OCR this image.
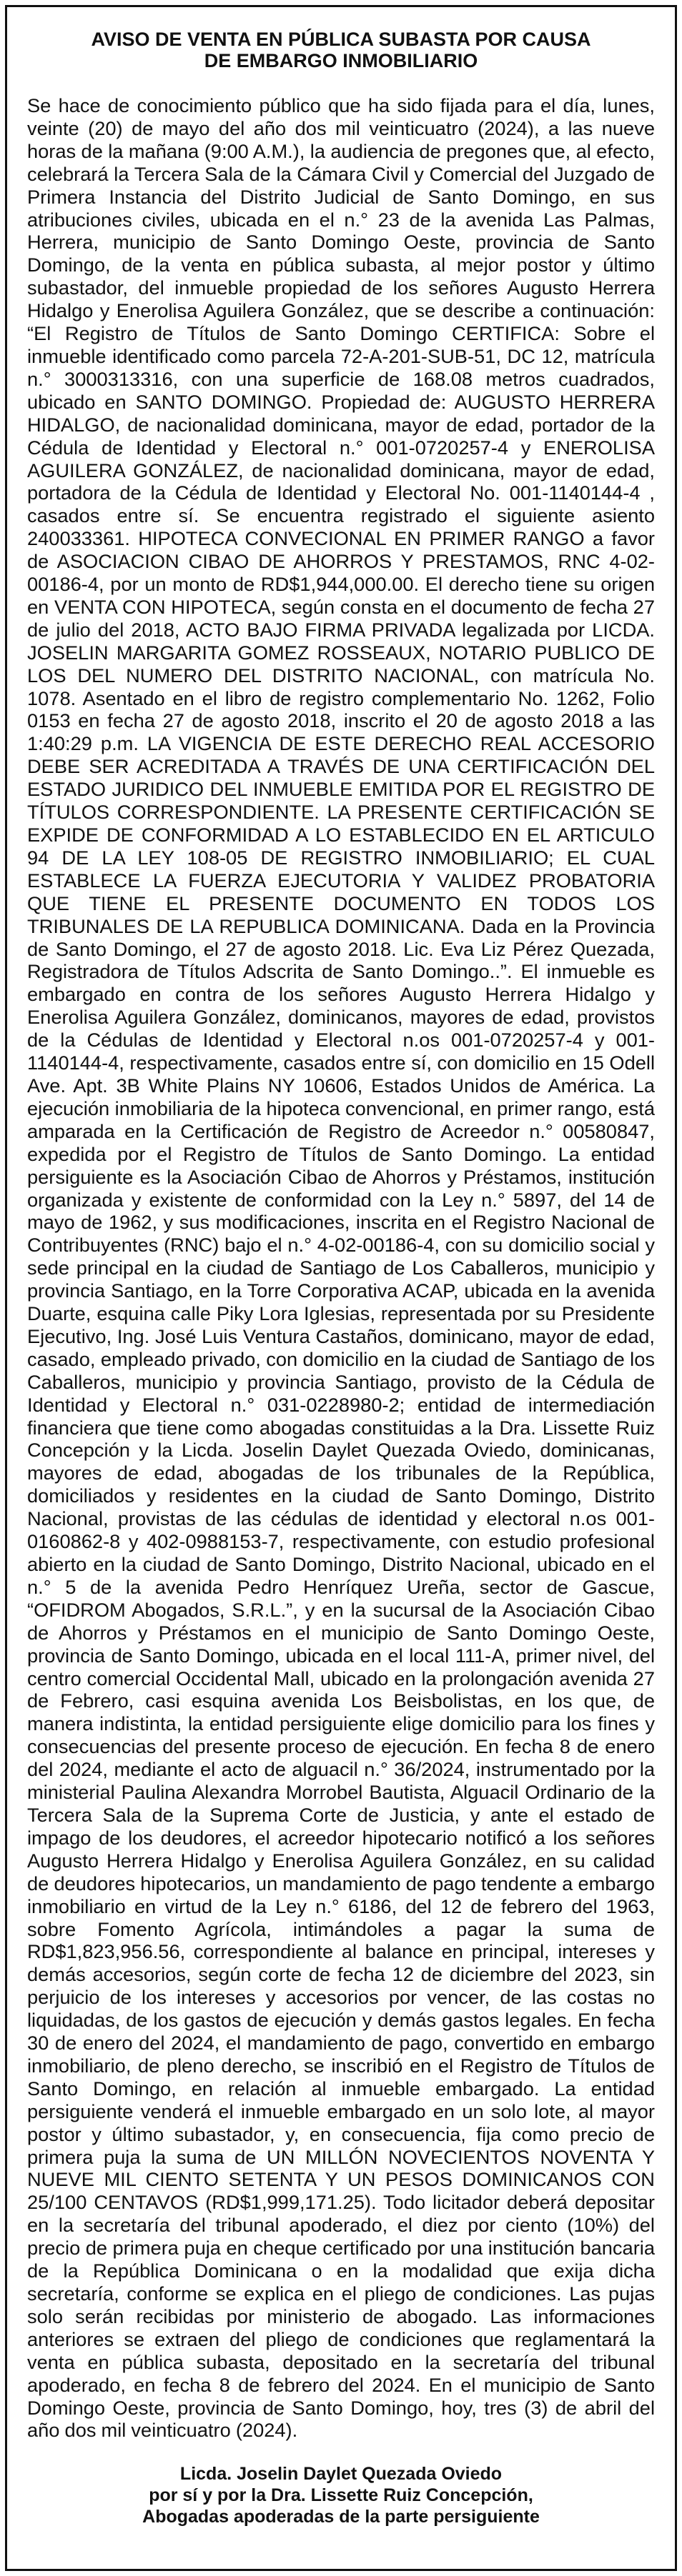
AVISO DE VENTA EN PÚBLICA SUBASTA POR CAUSA
DE EMBARGO INMOBILIARIO

Se hace de conocimiento público que ha sido fijada para el día, lunes, veinte (20) de mayo del año dos mil veinticuatro (2024), a las nueve horas de la mañana (9:00 A.M.), la audiencia de pregones que, al efecto, celebrará la Tercera Sala de la Cámara Civil y Comercial del Juzgado de Primera Instancia del Distrito Judicial de Santo Domingo, en sus atribuciones civiles, ubicada en el n.° 23 de la avenida Las Palmas, Herrera, municipio de Santo Domingo Oeste, provincia de Santo Domingo, de la venta en pública subasta, al mejor postor y último subastador, del inmueble propiedad de los señores Augusto Herrera Hidalgo y Enerolisa Aguilera González, que se describe a continuación: “El Registro de Títulos de Santo Domingo CERTIFICA: Sobre el inmueble identificado como parcela 72-A-201-SUB-51, DC 12, matrícula n.° 3000313316, con una superficie de 168.08 metros cuadrados, ubicado en SANTO DOMINGO. Propiedad de: AUGUSTO HERRERA HIDALGO, de nacionalidad dominicana, mayor de edad, portador de la Cédula de Identidad y Electoral n.° 001-0720257-4 y ENEROLISA AGUILERA GONZÁLEZ, de nacionalidad dominicana, mayor de edad, portadora de la Cédula de Identidad y Electoral No. 001-1140144-4 , casados entre sí. Se encuentra registrado el siguiente asiento 240033361. HIPOTECA CONVECIONAL EN PRIMER RANGO a favor de ASOCIACION CIBAO DE AHORROS Y PRESTAMOS, RNC 4-02-00186-4, por un monto de RD$1,944,000.00. El derecho tiene su origen en VENTA CON HIPOTECA, según consta en el documento de fecha 27 de julio del 2018, ACTO BAJO FIRMA PRIVADA legalizada por LICDA. JOSELIN MARGARITA GOMEZ ROSSEAUX, NOTARIO PUBLICO DE LOS DEL NUMERO DEL DISTRITO NACIONAL, con matrícula No. 1078. Asentado en el libro de registro complementario No. 1262, Folio 0153 en fecha 27 de agosto 2018, inscrito el 20 de agosto 2018 a las 1:40:29 p.m. LA VIGENCIA DE ESTE DERECHO REAL ACCESORIO DEBE SER ACREDITADA A TRAVÉS DE UNA CERTIFICACIÓN DEL ESTADO JURIDICO DEL INMUEBLE EMITIDA POR EL REGISTRO DE TÍTULOS CORRESPONDIENTE. LA PRESENTE CERTIFICACIÓN SE EXPIDE DE CONFORMIDAD A LO ESTABLECIDO EN EL ARTICULO 94 DE LA LEY 108-05 DE REGISTRO INMOBILIARIO; EL CUAL ESTABLECE LA FUERZA EJECUTORIA Y VALIDEZ PROBATORIA QUE TIENE EL PRESENTE DOCUMENTO EN TODOS LOS TRIBUNALES DE LA REPUBLICA DOMINICANA. Dada en la Provincia de Santo Domingo, el 27 de agosto 2018. Lic. Eva Liz Pérez Quezada, Registradora de Títulos Adscrita de Santo Domingo..”. El inmueble es embargado en contra de los señores Augusto Herrera Hidalgo y Enerolisa Aguilera González, dominicanos, mayores de edad, provistos de la Cédulas de Identidad y Electoral n.os 001-0720257-4 y 001-1140144-4, respectivamente, casados entre sí, con domicilio en 15 Odell Ave. Apt. 3B White Plains NY 10606, Estados Unidos de América. La ejecución inmobiliaria de la hipoteca convencional, en primer rango, está amparada en la Certificación de Registro de Acreedor n.° 00580847, expedida por el Registro de Títulos de Santo Domingo. La entidad persiguiente es la Asociación Cibao de Ahorros y Préstamos, institución organizada y existente de conformidad con la Ley n.° 5897, del 14 de mayo de 1962, y sus modificaciones, inscrita en el Registro Nacional de Contribuyentes (RNC) bajo el n.° 4-02-00186-4, con su domicilio social y sede principal en la ciudad de Santiago de Los Caballeros, municipio y provincia Santiago, en la Torre Corporativa ACAP, ubicada en la avenida Duarte, esquina calle Piky Lora Iglesias, representada por su Presidente Ejecutivo, Ing. José Luis Ventura Castaños, dominicano, mayor de edad, casado, empleado privado, con domicilio en la ciudad de Santiago de los Caballeros, municipio y provincia Santiago, provisto de la Cédula de Identidad y Electoral n.° 031-0228980-2; entidad de intermediación financiera que tiene como abogadas constituidas a la Dra. Lissette Ruiz Concepción y la Licda. Joselin Daylet Quezada Oviedo, dominicanas, mayores de edad, abogadas de los tribunales de la República, domiciliados y residentes en la ciudad de Santo Domingo, Distrito Nacional, provistas de las cédulas de identidad y electoral n.os 001-0160862-8 y 402-0988153-7, respectivamente, con estudio profesional abierto en la ciudad de Santo Domingo, Distrito Nacional, ubicado en el n.° 5 de la avenida Pedro Henríquez Ureña, sector de Gascue, “OFIDROM Abogados, S.R.L.”, y en la sucursal de la Asociación Cibao de Ahorros y Préstamos en el municipio de Santo Domingo Oeste, provincia de Santo Domingo, ubicada en el local 111-A, primer nivel, del centro comercial Occidental Mall, ubicado en la prolongación avenida 27 de Febrero, casi esquina avenida Los Beisbolistas, en los que, de manera indistinta, la entidad persiguiente elige domicilio para los fines y consecuencias del presente proceso de ejecución. En fecha 8 de enero del 2024, mediante el acto de alguacil n.° 36/2024, instrumentado por la ministerial Paulina Alexandra Morrobel Bautista, Alguacil Ordinario de la Tercera Sala de la Suprema Corte de Justicia, y ante el estado de impago de los deudores, el acreedor hipotecario notificó a los señores Augusto Herrera Hidalgo y Enerolisa Aguilera González, en su calidad de deudores hipotecarios, un mandamiento de pago tendente a embargo inmobiliario en virtud de la Ley n.° 6186, del 12 de febrero del 1963, sobre Fomento Agrícola, intimándoles a pagar la suma de RD$1,823,956.56, correspondiente al balance en principal, intereses y demás accesorios, según corte de fecha 12 de diciembre del 2023, sin perjuicio de los intereses y accesorios por vencer, de las costas no liquidadas, de los gastos de ejecución y demás gastos legales. En fecha 30 de enero del 2024, el mandamiento de pago, convertido en embargo inmobiliario, de pleno derecho, se inscribió en el Registro de Títulos de Santo Domingo, en relación al inmueble embargado. La entidad persiguiente venderá el inmueble embargado en un solo lote, al mayor postor y último subastador, y, en consecuencia, fija como precio de primera puja la suma de UN MILLÓN NOVECIENTOS NOVENTA Y NUEVE MIL CIENTO SETENTA Y UN PESOS DOMINICANOS CON 25/100 CENTAVOS (RD$1,999,171.25). Todo licitador deberá depositar en la secretaría del tribunal apoderado, el diez por ciento (10%) del precio de primera puja en cheque certificado por una institución bancaria de la República Dominicana o en la modalidad que exija dicha secretaría, conforme se explica en el pliego de condiciones. Las pujas solo serán recibidas por ministerio de abogado. Las informaciones anteriores se extraen del pliego de condiciones que reglamentará la venta en pública subasta, depositado en la secretaría del tribunal apoderado, en fecha 8 de febrero del 2024. En el municipio de Santo Domingo Oeste, provincia de Santo Domingo, hoy, tres (3) de abril del año dos mil veinticuatro (2024).

Licda. Joselin Daylet Quezada Oviedo
por sí y por la Dra. Lissette Ruiz Concepción,
Abogadas apoderadas de la parte persiguiente
